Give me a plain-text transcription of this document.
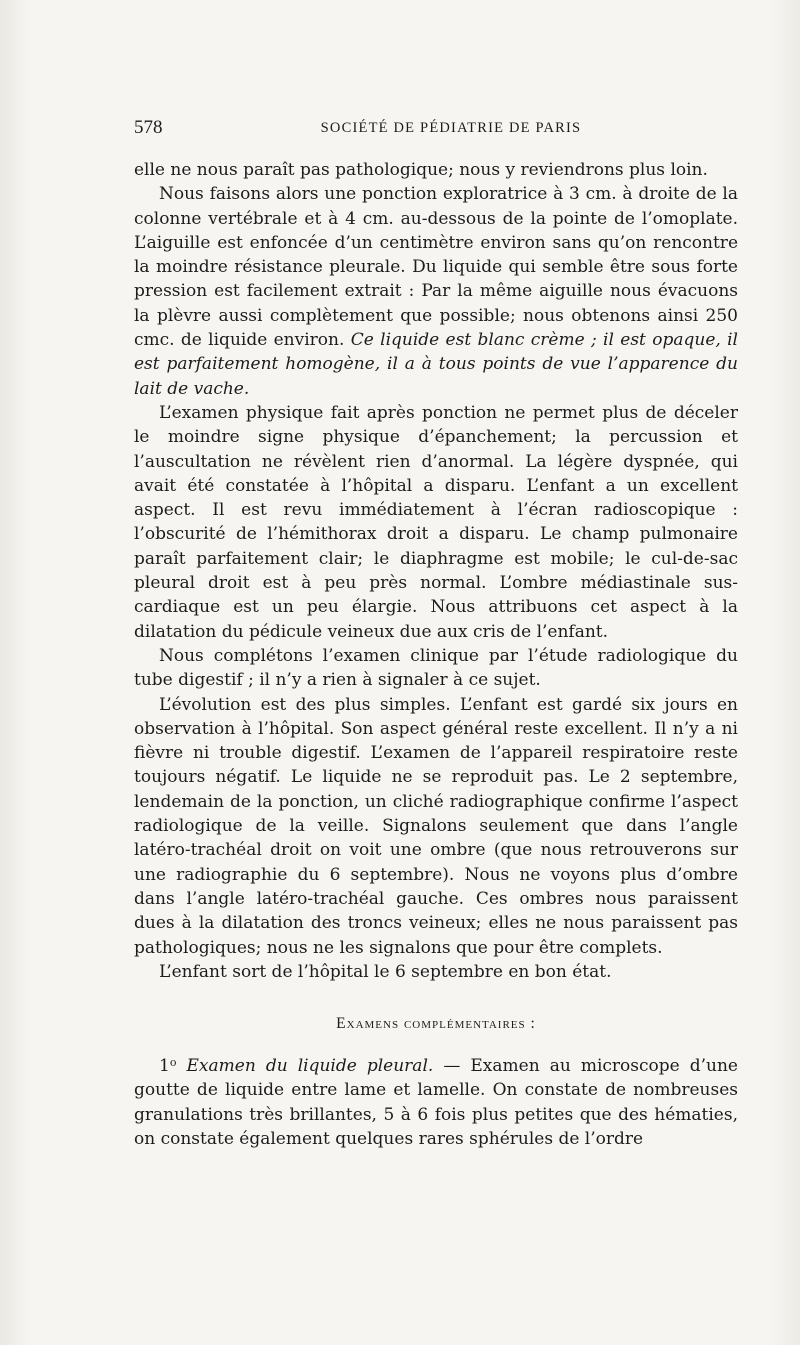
578	SOCIÉTÉ DE PÉDIATRIE DE PARIS

elle ne nous paraît pas pathologique; nous y reviendrons plus loin.

Nous faisons alors une ponction exploratrice à 3 cm. à droite de la colonne vertébrale et à 4 cm. au-dessous de la pointe de l’omoplate. L’aiguille est enfoncée d’un centimètre environ sans qu’on rencontre la moindre résistance pleurale. Du liquide qui semble être sous forte pression est facilement extrait : Par la même aiguille nous évacuons la plèvre aussi complètement que possible; nous obtenons ainsi 250 cmc. de liquide environ. Ce liquide est blanc crème ; il est opaque, il est parfaitement homogène, il a à tous points de vue l’apparence du lait de vache.

L’examen physique fait après ponction ne permet plus de déceler le moindre signe physique d’épanchement; la percussion et l’auscultation ne révèlent rien d’anormal. La légère dyspnée, qui avait été constatée à l’hôpital a disparu. L’enfant a un excellent aspect. Il est revu immédiatement à l’écran radioscopique : l’obscurité de l’hémithorax droit a disparu. Le champ pulmonaire paraît parfaitement clair; le diaphragme est mobile; le cul-de-sac pleural droit est à peu près normal. L’ombre médiastinale sus-cardiaque est un peu élargie. Nous attribuons cet aspect à la dilatation du pédicule veineux due aux cris de l’enfant.

Nous complétons l’examen clinique par l’étude radiologique du tube digestif ; il n’y a rien à signaler à ce sujet.

L’évolution est des plus simples. L’enfant est gardé six jours en observation à l’hôpital. Son aspect général reste excellent. Il n’y a ni fièvre ni trouble digestif. L’examen de l’appareil respiratoire reste toujours négatif. Le liquide ne se reproduit pas. Le 2 septembre, lendemain de la ponction, un cliché radiographique confirme l’aspect radiologique de la veille. Signalons seulement que dans l’angle latéro-trachéal droit on voit une ombre (que nous retrouverons sur une radiographie du 6 septembre). Nous ne voyons plus d’ombre dans l’angle latéro-trachéal gauche. Ces ombres nous paraissent dues à la dilatation des troncs veineux; elles ne nous paraissent pas pathologiques; nous ne les signalons que pour être complets.

L’enfant sort de l’hôpital le 6 septembre en bon état.

Examens complémentaires :

1$^o$ Examen du liquide pleural. — Examen au microscope d’une goutte de liquide entre lame et lamelle. On constate de nombreuses granulations très brillantes, 5 à 6 fois plus petites que des hématies, on constate également quelques rares sphérules de l’ordre
